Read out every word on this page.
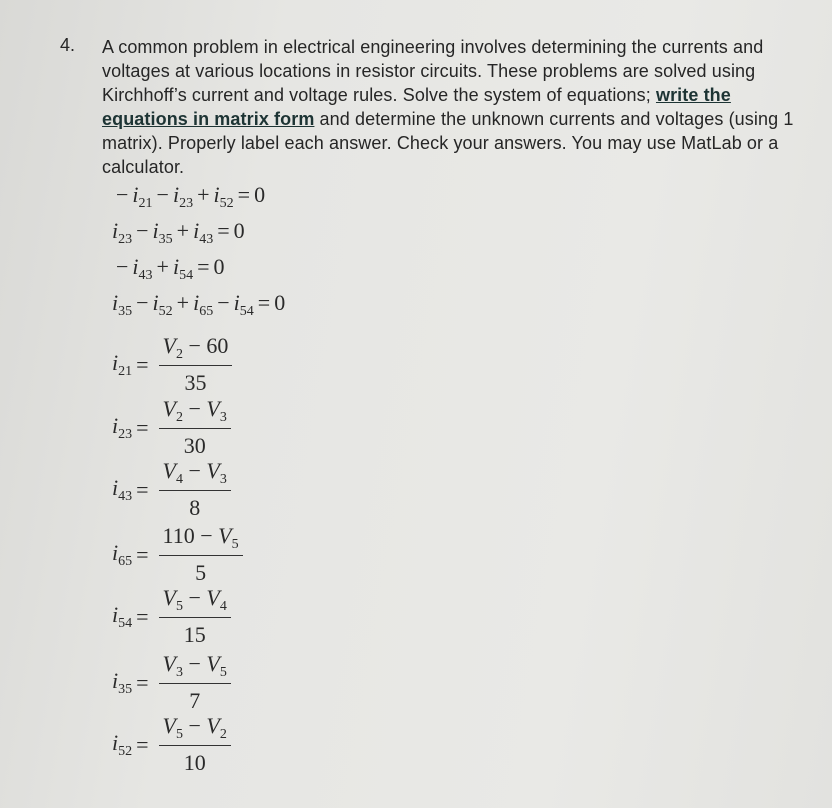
4. A common problem in electrical engineering involves determining the currents and voltages at various locations in resistor circuits. These problems are solved using Kirchhoff’s current and voltage rules. Solve the system of equations; write the equations in matrix form and determine the unknown currents and voltages (using 1 matrix). Properly label each answer. Check your answers. You may use MatLab or a calculator.
− $i_{21} - i_{23} + i_{52} = 0$
$i_{23} - i_{35} + i_{43} = 0$
− $i_{43} + i_{54} = 0$
$i_{35} - i_{52} + i_{65} - i_{54} = 0$
$i_{21} = \frac{V_2 - 60}{35}$
$i_{23} = \frac{V_2 - V_3}{30}$
$i_{43} = \frac{V_4 - V_3}{8}$
$i_{65} = \frac{110 - V_5}{5}$
$i_{54} = \frac{V_5 - V_4}{15}$
$i_{35} = \frac{V_3 - V_5}{7}$
$i_{52} = \frac{V_5 - V_2}{10}$
